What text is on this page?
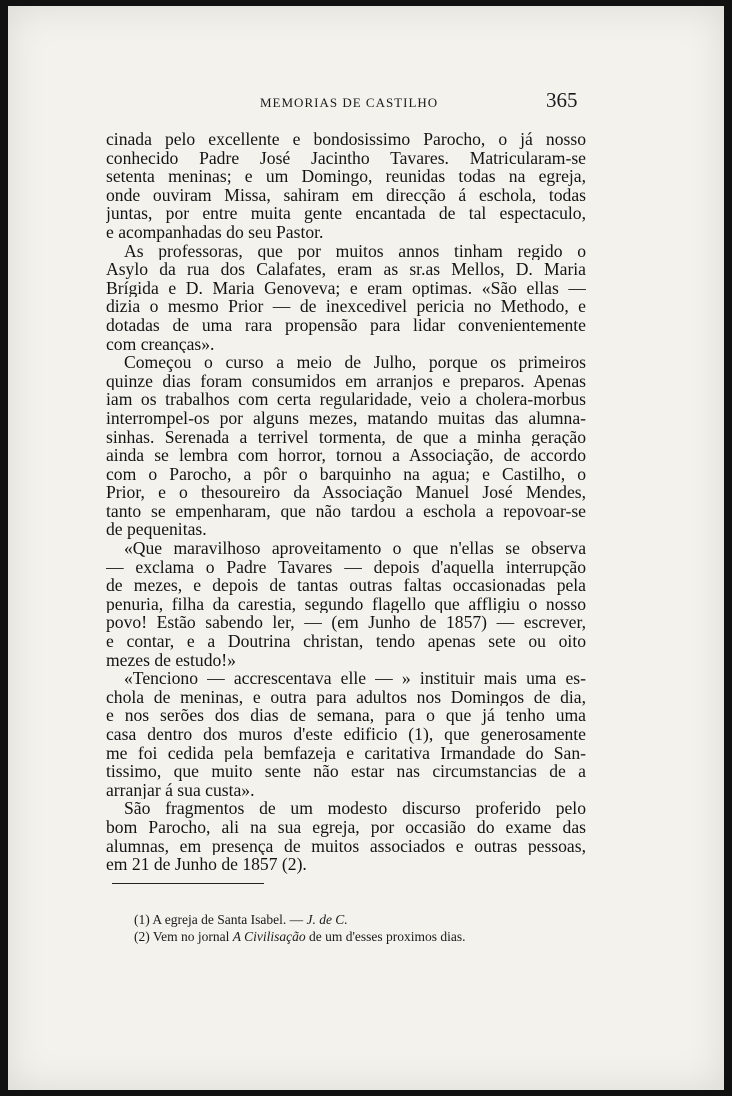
MEMORIAS DE CASTILHO	365
cinada pelo excellente e bondosissimo Parocho, o já nosso
conhecido Padre José Jacintho Tavares. Matricularam-se
setenta meninas; e um Domingo, reunidas todas na egreja,
onde ouviram Missa, sahiram em direcção á eschola, todas
juntas, por entre muita gente encantada de tal espectaculo,
e acompanhadas do seu Pastor.
As professoras, que por muitos annos tinham regido o
Asylo da rua dos Calafates, eram as sr.as Mellos, D. Maria
Brígida e D. Maria Genoveva; e eram optimas. «São ellas —
dizia o mesmo Prior — de inexcedivel pericia no Methodo, e
dotadas de uma rara propensão para lidar convenientemente
com creanças».
Começou o curso a meio de Julho, porque os primeiros
quinze dias foram consumidos em arranjos e preparos. Apenas
iam os trabalhos com certa regularidade, veio a cholera-morbus
interrompel-os por alguns mezes, matando muitas das alumna-
sinhas. Serenada a terrivel tormenta, de que a minha geração
ainda se lembra com horror, tornou a Associação, de accordo
com o Parocho, a pôr o barquinho na agua; e Castilho, o
Prior, e o thesoureiro da Associação Manuel José Mendes,
tanto se empenharam, que não tardou a eschola a repovoar-se
de pequenitas.
«Que maravilhoso aproveitamento o que n'ellas se observa
— exclama o Padre Tavares — depois d'aquella interrupção
de mezes, e depois de tantas outras faltas occasionadas pela
penuria, filha da carestia, segundo flagello que affligiu o nosso
povo! Estão sabendo ler, — (em Junho de 1857) — escrever,
e contar, e a Doutrina christan, tendo apenas sete ou oito
mezes de estudo!»
«Tenciono — accrescentava elle — » instituir mais uma es-
chola de meninas, e outra para adultos nos Domingos de dia,
e nos serões dos dias de semana, para o que já tenho uma
casa dentro dos muros d'este edificio (1), que generosamente
me foi cedida pela bemfazeja e caritativa Irmandade do San-
tissimo, que muito sente não estar nas circumstancias de a
arranjar á sua custa».
São fragmentos de um modesto discurso proferido pelo
bom Parocho, ali na sua egreja, por occasião do exame das
alumnas, em presença de muitos associados e outras pessoas,
em 21 de Junho de 1857 (2).
(1) A egreja de Santa Isabel. — J. de C.
(2) Vem no jornal A Civilisação de um d'esses proximos dias.
